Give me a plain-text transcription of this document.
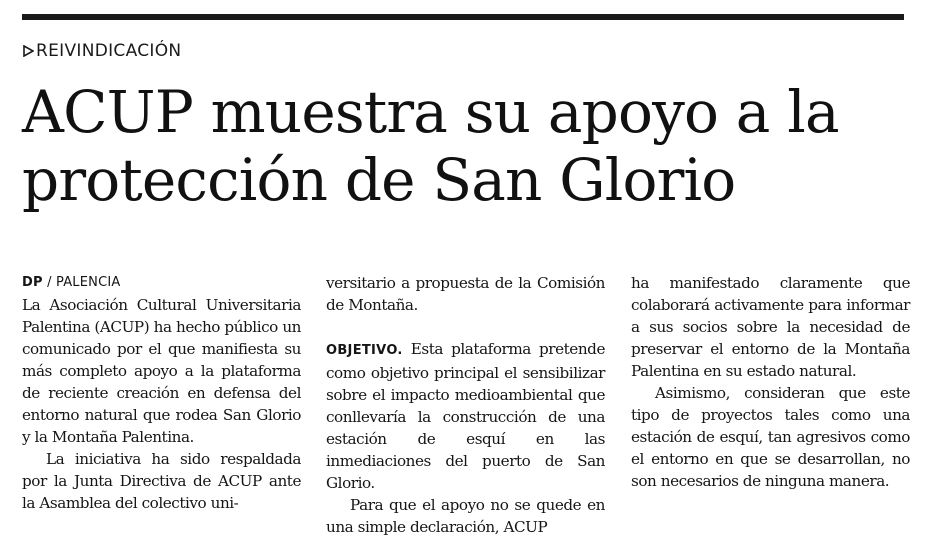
REIVINDICACIÓN
ACUP muestra su apoyo a la protección de San Glorio
DP / PALENCIA

La Asociación Cultural Universitaria Palentina (ACUP) ha hecho público un comunicado por el que manifiesta su más completo apoyo a la plataforma de reciente creación en defensa del entorno natural que rodea San Glorio y la Montaña Palentina.

La iniciativa ha sido respaldada por la Junta Directiva de ACUP ante la Asamblea del colectivo uni-

versitario a propuesta de la Comisión de Montaña.

OBJETIVO. Esta plataforma pretende como objetivo principal el sensibilizar sobre el impacto medioambiental que conllevaría la construcción de una estación de esquí en las inmediaciones del puerto de San Glorio.

Para que el apoyo no se quede en una simple declaración, ACUP

ha manifestado claramente que colaborará activamente para informar a sus socios sobre la necesidad de preservar el entorno de la Montaña Palentina en su estado natural.

Asimismo, consideran que este tipo de proyectos tales como una estación de esquí, tan agresivos como el entorno en que se desarrollan, no son necesarios de ninguna manera.
